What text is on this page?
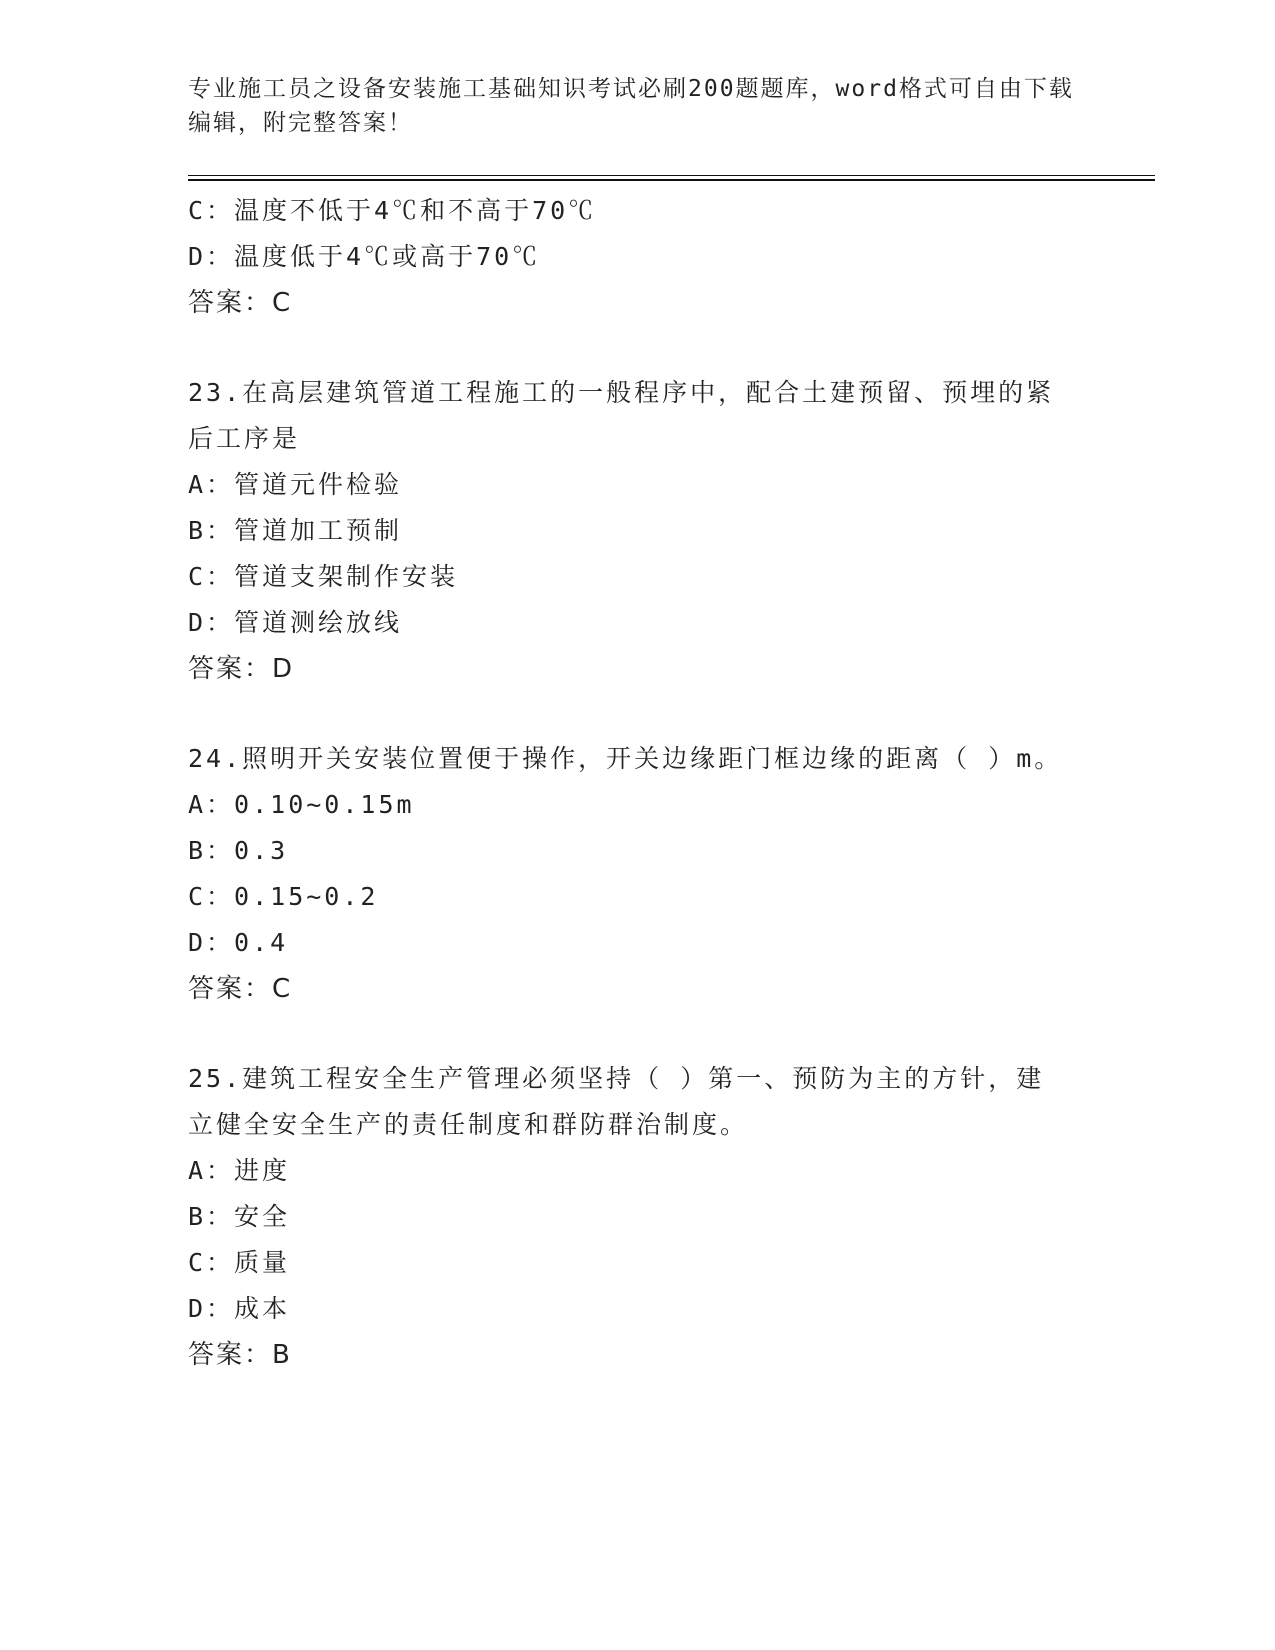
专业施工员之设备安装施工基础知识考试必刷200题题库，word格式可自由下载
编辑，附完整答案！
C：温度不低于4℃和不高于70℃
D：温度低于4℃或高于70℃
答案：C
23.在高层建筑管道工程施工的一般程序中，配合土建预留、预埋的紧
后工序是
A：管道元件检验
B：管道加工预制
C：管道支架制作安装
D：管道测绘放线
答案：D
24.照明开关安装位置便于操作，开关边缘距门框边缘的距离（ ）m。
A：0.10~0.15m
B：0.3
C：0.15~0.2
D：0.4
答案：C
25.建筑工程安全生产管理必须坚持（ ）第一、预防为主的方针，建
立健全安全生产的责任制度和群防群治制度。
A：进度
B：安全
C：质量
D：成本
答案：B
